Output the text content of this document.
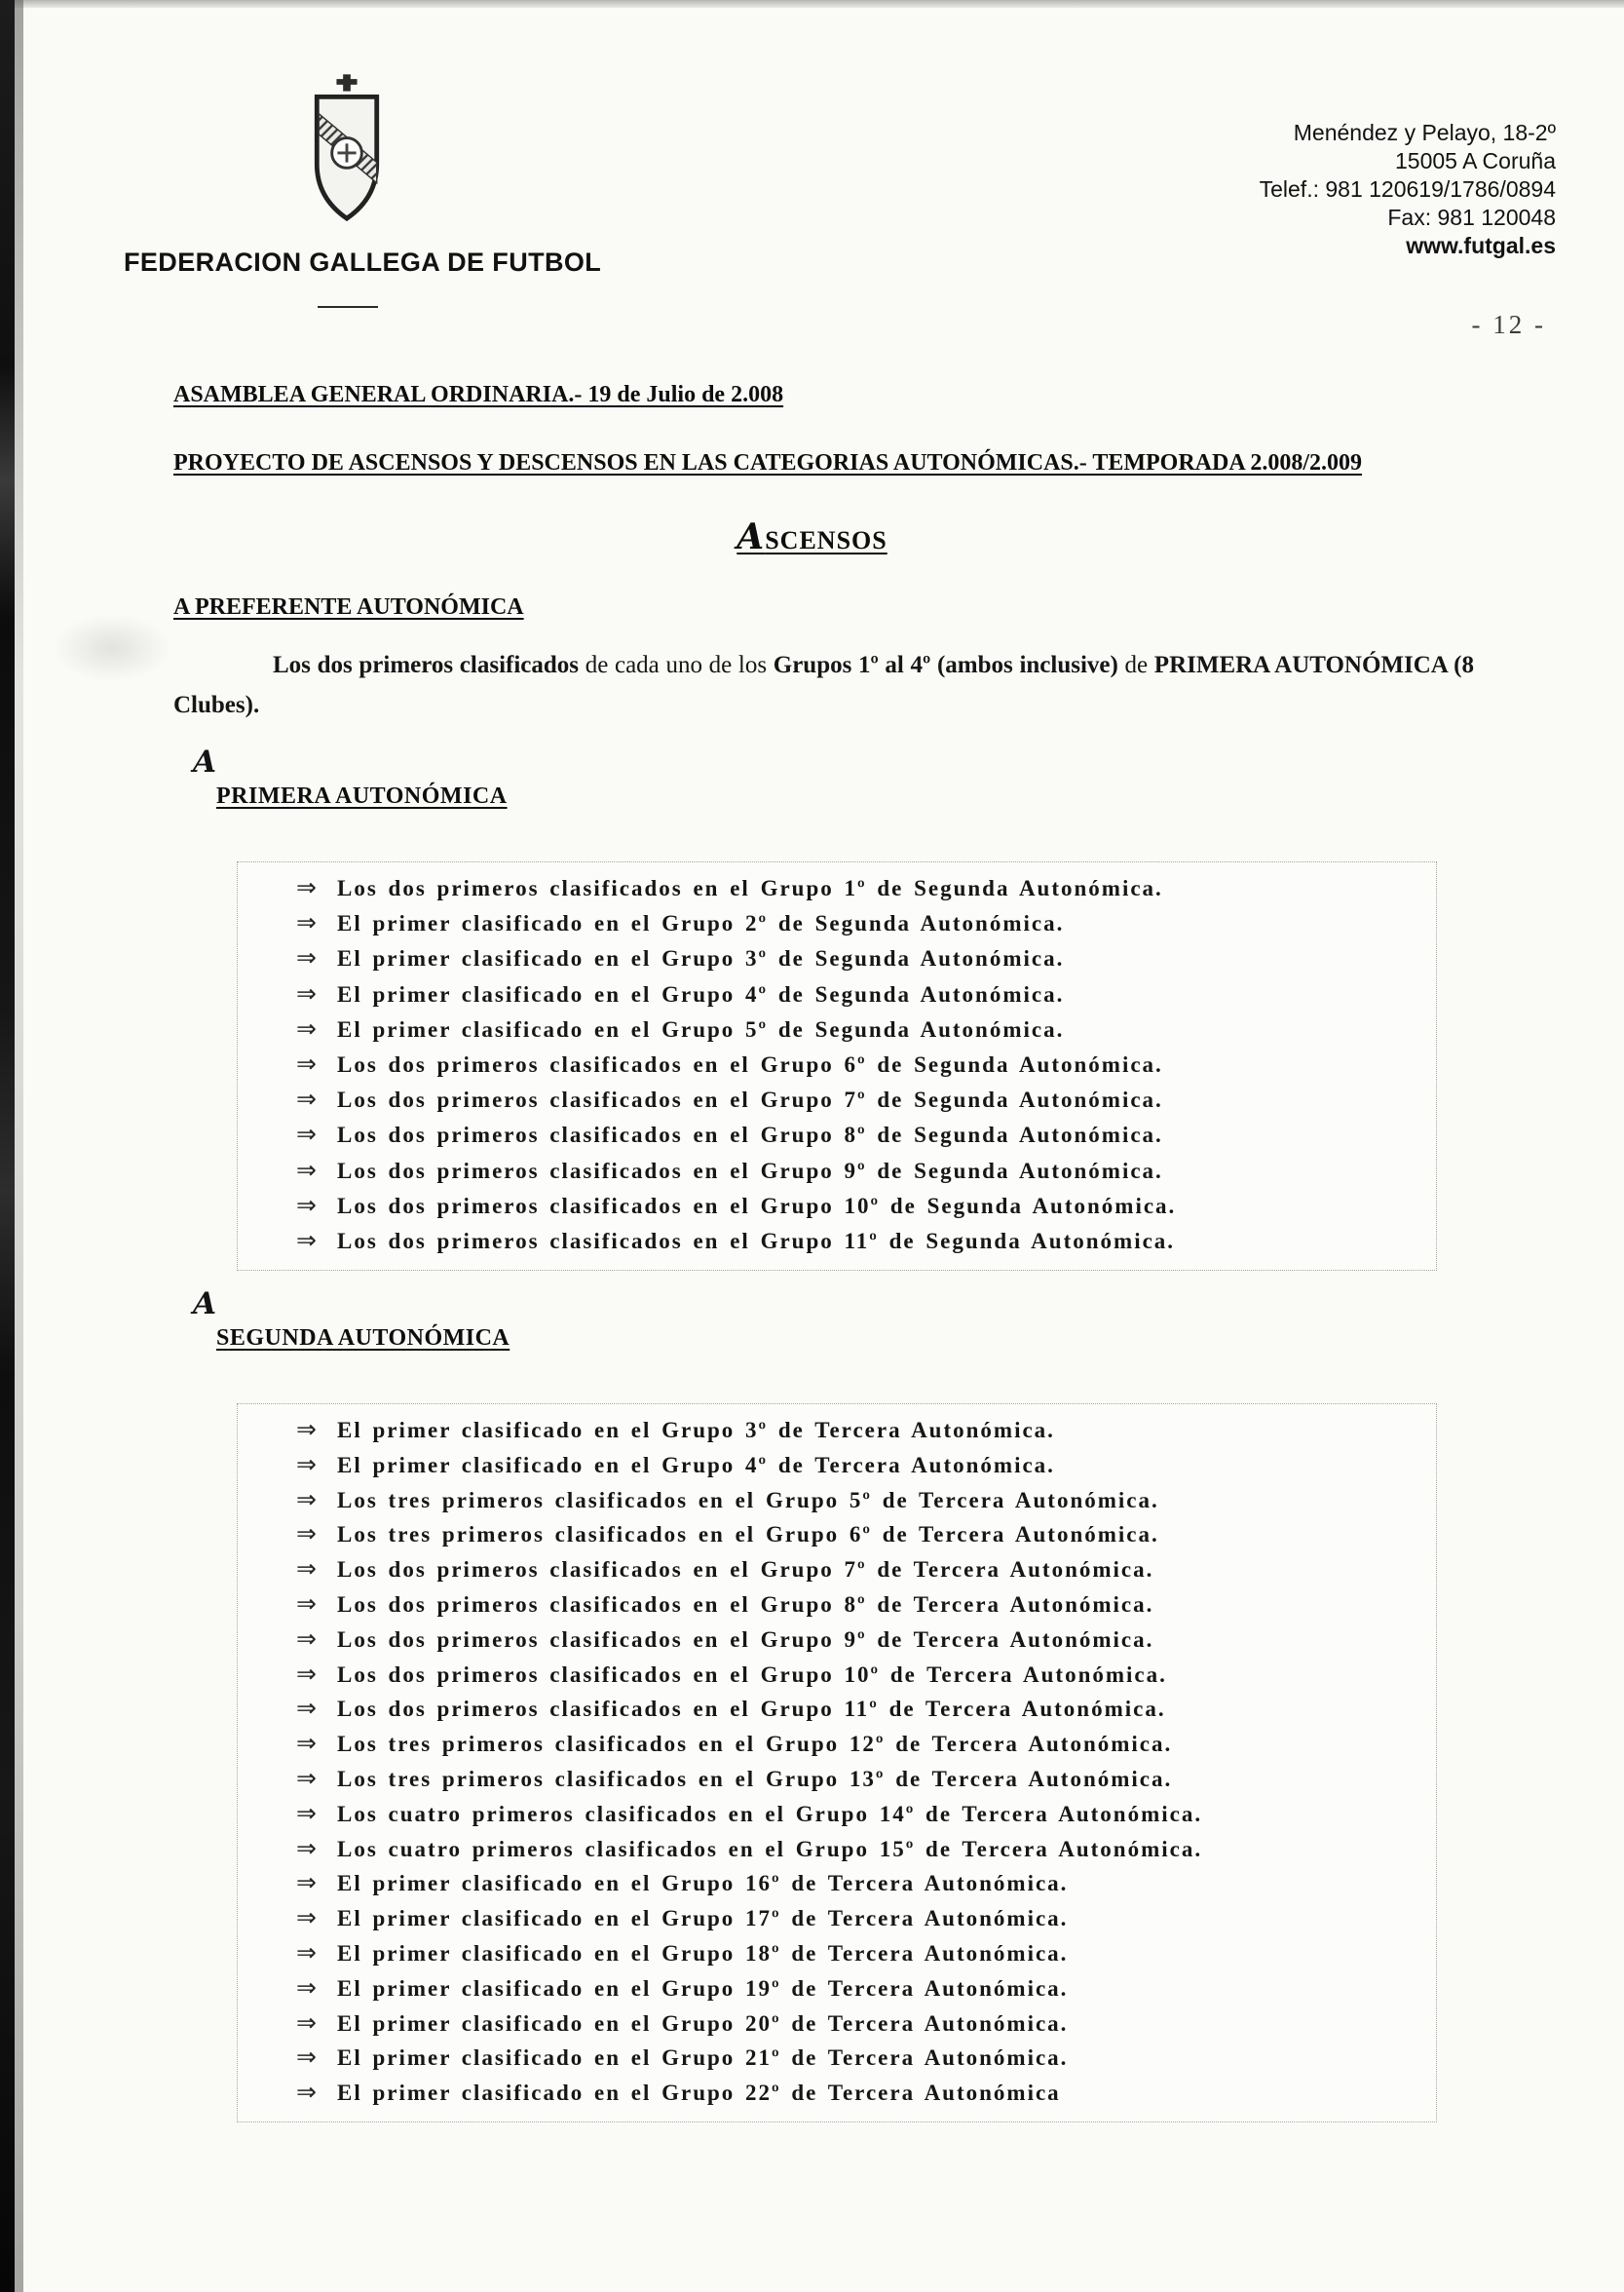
FEDERACION GALLEGA DE FUTBOL
Menéndez y Pelayo, 18-2º
15005 A Coruña
Telef.: 981 120619/1786/0894
Fax: 981 120048
www.futgal.es
- 12 -
ASAMBLEA GENERAL ORDINARIA.- 19 de Julio de 2.008
PROYECTO DE ASCENSOS Y DESCENSOS EN LAS CATEGORIAS AUTONÓMICAS.- TEMPORADA 2.008/2.009
ASCENSOS
A PREFERENTE AUTONÓMICA

Los dos primeros clasificados de cada uno de los Grupos 1º al 4º (ambos inclusive) de PRIMERA AUTONÓMICA (8 Clubes).

A
PRIMERA AUTONÓMICA
⇒ Los dos primeros clasificados en el Grupo 1º de Segunda Autonómica.
⇒ El primer clasificado en el Grupo 2º de Segunda Autonómica.
⇒ El primer clasificado en el Grupo 3º de Segunda Autonómica.
⇒ El primer clasificado en el Grupo 4º de Segunda Autonómica.
⇒ El primer clasificado en el Grupo 5º de Segunda Autonómica.
⇒ Los dos primeros clasificados en el Grupo 6º de Segunda Autonómica.
⇒ Los dos primeros clasificados en el Grupo 7º de Segunda Autonómica.
⇒ Los dos primeros clasificados en el Grupo 8º de Segunda Autonómica.
⇒ Los dos primeros clasificados en el Grupo 9º de Segunda Autonómica.
⇒ Los dos primeros clasificados en el Grupo 10º de Segunda Autonómica.
⇒ Los dos primeros clasificados en el Grupo 11º de Segunda Autonómica.
A
SEGUNDA AUTONÓMICA
⇒ El primer clasificado en el Grupo 3º de Tercera Autonómica.
⇒ El primer clasificado en el Grupo 4º de Tercera Autonómica.
⇒ Los tres primeros clasificados en el Grupo 5º de Tercera Autonómica.
⇒ Los tres primeros clasificados en el Grupo 6º de Tercera Autonómica.
⇒ Los dos primeros clasificados en el Grupo 7º de Tercera Autonómica.
⇒ Los dos primeros clasificados en el Grupo 8º de Tercera Autonómica.
⇒ Los dos primeros clasificados en el Grupo 9º de Tercera Autonómica.
⇒ Los dos primeros clasificados en el Grupo 10º de Tercera Autonómica.
⇒ Los dos primeros clasificados en el Grupo 11º de Tercera Autonómica.
⇒ Los tres primeros clasificados en el Grupo 12º de Tercera Autonómica.
⇒ Los tres primeros clasificados en el Grupo 13º de Tercera Autonómica.
⇒ Los cuatro primeros clasificados en el Grupo 14º de Tercera Autonómica.
⇒ Los cuatro primeros clasificados en el Grupo 15º de Tercera Autonómica.
⇒ El primer clasificado en el Grupo 16º de Tercera Autonómica.
⇒ El primer clasificado en el Grupo 17º de Tercera Autonómica.
⇒ El primer clasificado en el Grupo 18º de Tercera Autonómica.
⇒ El primer clasificado en el Grupo 19º de Tercera Autonómica.
⇒ El primer clasificado en el Grupo 20º de Tercera Autonómica.
⇒ El primer clasificado en el Grupo 21º de Tercera Autonómica.
⇒ El primer clasificado en el Grupo 22º de Tercera Autonómica
